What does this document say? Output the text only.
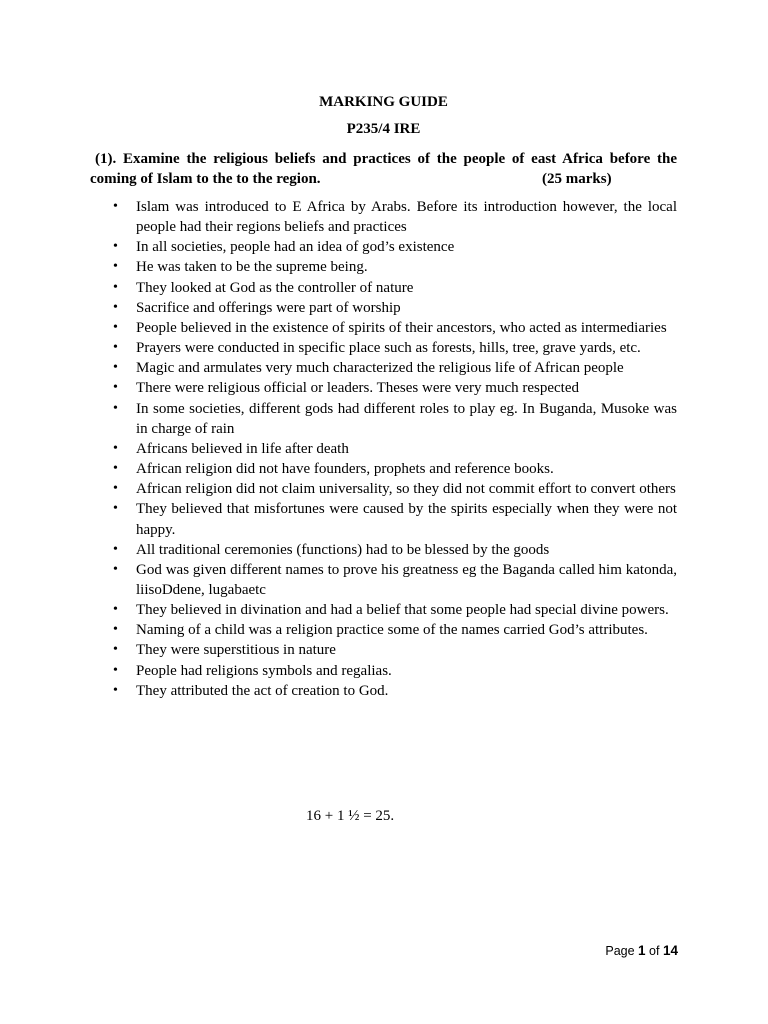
MARKING GUIDE

P235/4 IRE

(1). Examine the religious beliefs and practices of the people of east Africa before the
coming of Islam to the to the region.	(25 marks)
• Islam was introduced to E Africa by Arabs. Before its introduction however, the local people had their regions beliefs and practices
• In all societies, people had an idea of god’s existence
• He was taken to be the supreme being.
• They looked at God as the controller of nature
• Sacrifice and offerings were part of worship
• People believed in the existence of spirits of their ancestors, who acted as intermediaries
• Prayers were conducted in specific place such as forests, hills, tree, grave yards, etc.
• Magic and armulates very much characterized the religious life of African people
• There were religious official or leaders. Theses were very much respected
• In some societies, different gods had different roles to play eg. In Buganda, Musoke was in charge of rain
• Africans believed in life after death
• African religion did not have founders, prophets and reference books.
• African religion did not claim universality, so they did not commit effort to convert others
• They believed that misfortunes were caused by the spirits especially when they were not happy.
• All traditional ceremonies (functions) had to be blessed by the goods
• God was given different names to prove his greatness eg the Baganda called him katonda, liisoDdene, lugabaetc
• They believed in divination and had a belief that some people had special divine powers.
• Naming of a child was a religion practice some of the names carried God’s attributes.
• They were superstitious in nature
• People had religions symbols and regalias.
• They attributed the act of creation to God.
16 + 1 ½ = 25.
Page 1 of 14
